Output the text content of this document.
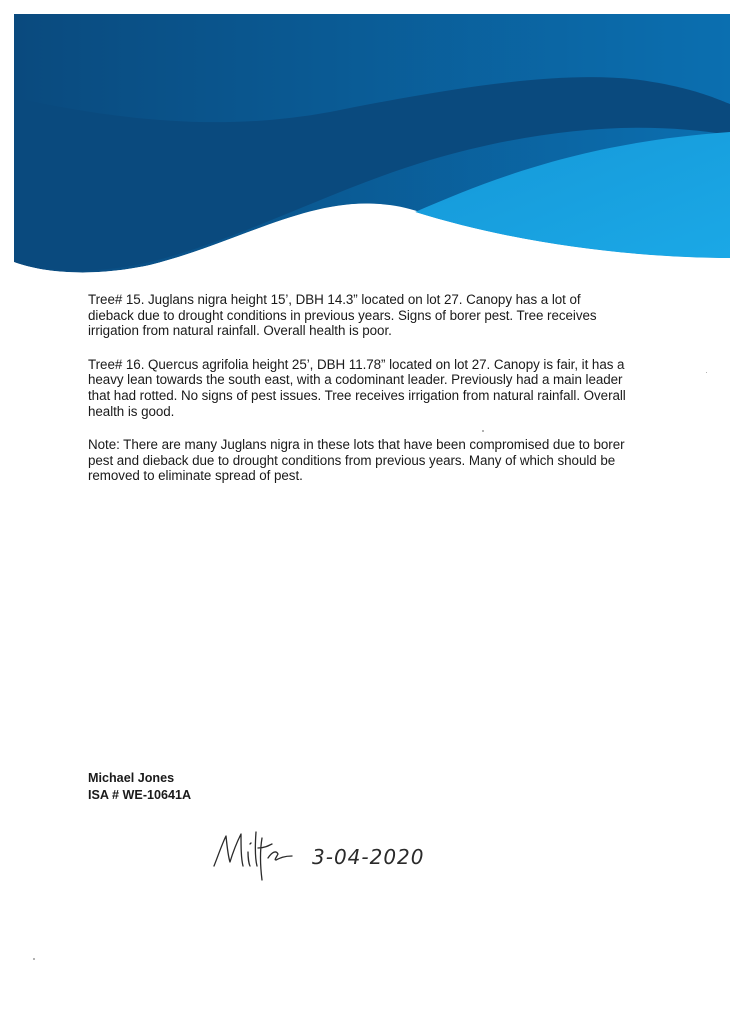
Tree# 15. Juglans nigra height 15’, DBH 14.3” located on lot 27. Canopy has a lot of
dieback due to drought conditions in previous years. Signs of borer pest. Tree receives
irrigation from natural rainfall. Overall health is poor.

Tree# 16. Quercus agrifolia height 25’, DBH 11.78” located on lot 27. Canopy is fair, it has a
heavy lean towards the south east, with a codominant leader. Previously had a main leader
that had rotted. No signs of pest issues. Tree receives irrigation from natural rainfall. Overall
health is good.

Note: There are many Juglans nigra in these lots that have been compromised due to borer
pest and dieback due to drought conditions from previous years. Many of which should be
removed to eliminate spread of pest.

Michael Jones
ISA # WE-10641A
3-04-2020
